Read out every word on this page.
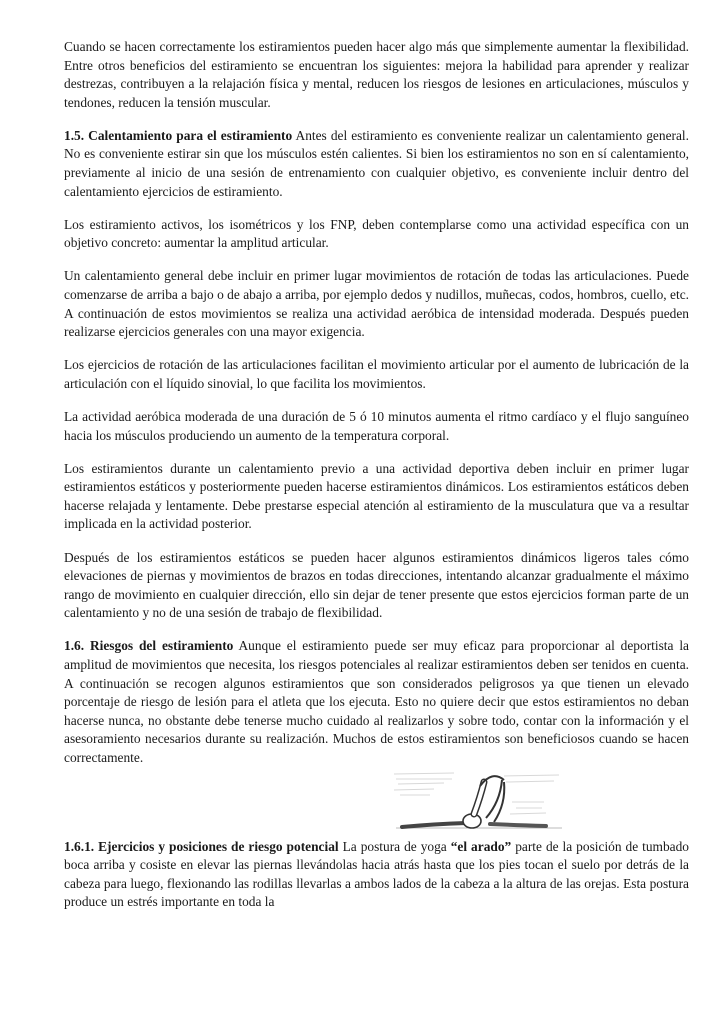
Cuando se hacen correctamente los estiramientos pueden hacer algo más que simplemente aumentar la flexibilidad. Entre otros beneficios del estiramiento se encuentran los siguientes: mejora la habilidad para aprender y realizar destrezas, contribuyen a la relajación física y mental, reducen los riesgos de lesiones en articulaciones, músculos y tendones, reducen la tensión muscular.

1.5. Calentamiento para el estiramiento Antes del estiramiento es conveniente realizar un calentamiento general. No es conveniente estirar sin que los músculos estén calientes. Si bien los estiramientos no son en sí calentamiento, previamente al inicio de una sesión de entrenamiento con cualquier objetivo, es conveniente incluir dentro del calentamiento ejercicios de estiramiento.

Los estiramiento activos, los isométricos y los FNP, deben contemplarse como una actividad específica con un objetivo concreto: aumentar la amplitud articular.

Un calentamiento general debe incluir en primer lugar movimientos de rotación de todas las articulaciones. Puede comenzarse de arriba a bajo o de abajo a arriba, por ejemplo dedos y nudillos, muñecas, codos, hombros, cuello, etc. A continuación de estos movimientos se realiza una actividad aeróbica de intensidad moderada. Después pueden realizarse ejercicios generales con una mayor exigencia.

Los ejercicios de rotación de las articulaciones facilitan el movimiento articular por el aumento de lubricación de la articulación con el líquido sinovial, lo que facilita los movimientos.

La actividad aeróbica moderada de una duración de 5 ó 10 minutos aumenta el ritmo cardíaco y el flujo sanguíneo hacia los músculos produciendo un aumento de la temperatura corporal.

Los estiramientos durante un calentamiento previo a una actividad deportiva deben incluir en primer lugar estiramientos estáticos y posteriormente pueden hacerse estiramientos dinámicos. Los estiramientos estáticos deben hacerse relajada y lentamente. Debe prestarse especial atención al estiramiento de la musculatura que va a resultar implicada en la actividad posterior.

Después de los estiramientos estáticos se pueden hacer algunos estiramientos dinámicos ligeros tales cómo elevaciones de piernas y movimientos de brazos en todas direcciones, intentando alcanzar gradualmente el máximo rango de movimiento en cualquier dirección, ello sin dejar de tener presente que estos ejercicios forman parte de un calentamiento y no de una sesión de trabajo de flexibilidad.

1.6. Riesgos del estiramiento Aunque el estiramiento puede ser muy eficaz para proporcionar al deportista la amplitud de movimientos que necesita, los riesgos potenciales al realizar estiramientos deben ser tenidos en cuenta. A continuación se recogen algunos estiramientos que son considerados peligrosos ya que tienen un elevado porcentaje de riesgo de lesión para el atleta que los ejecuta. Esto no quiere decir que estos estiramientos no deban hacerse nunca, no obstante debe tenerse mucho cuidado al realizarlos y sobre todo, contar con la información y el asesoramiento necesarios durante su realización. Muchos de estos estiramientos son beneficiosos cuando se hacen correctamente.

1.6.1. Ejercicios y posiciones de riesgo potencial La postura de yoga “el arado” parte de la posición de tumbado boca arriba y cosiste en elevar las piernas llevándolas hacia atrás hasta que los pies tocan el suelo por detrás de la cabeza para luego, flexionando las rodillas llevarlas a ambos lados de la cabeza a la altura de las orejas. Esta postura produce un estrés importante en toda la
